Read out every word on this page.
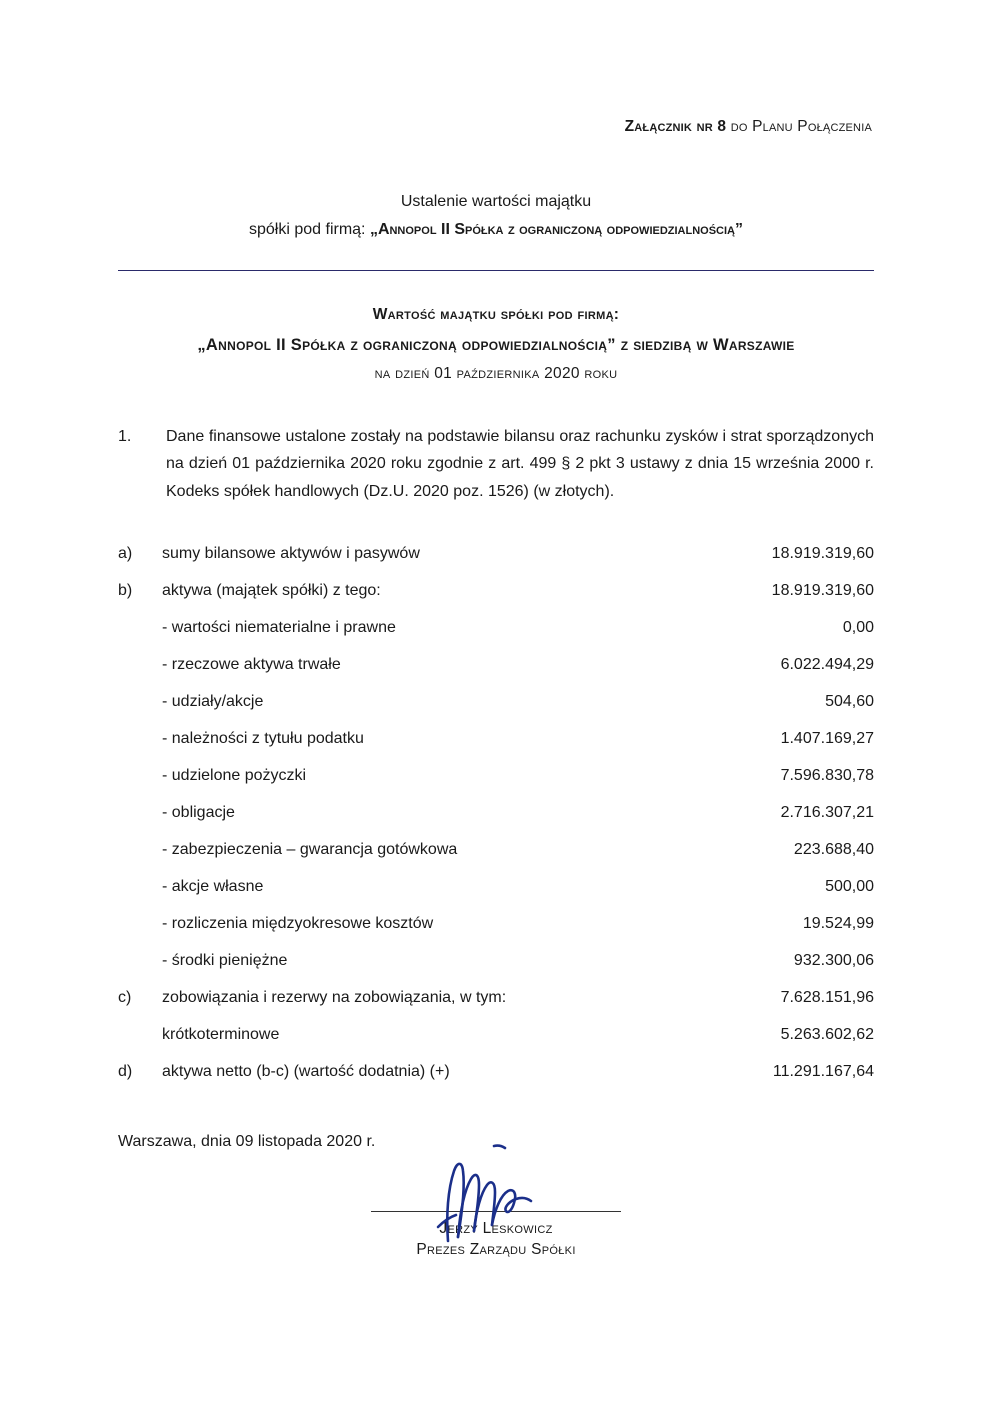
Załącznik nr 8 do Planu Połączenia
Ustalenie wartości majątku
spółki pod firmą: „Annopol II Spółka z ograniczoną odpowiedzialnością”
Wartość majątku spółki pod firmą:
„Annopol II Spółka z ograniczoną odpowiedzialnością” z siedzibą w Warszawie
na dzień 01 października 2020 roku
1.	Dane finansowe ustalone zostały na podstawie bilansu oraz rachunku zysków i strat sporządzonych na dzień 01 października 2020 roku zgodnie z art. 499 § 2 pkt 3 ustawy z dnia 15 września 2000 r. Kodeks spółek handlowych (Dz.U. 2020 poz. 1526) (w złotych).
a)	sumy bilansowe aktywów i pasywów	18.919.319,60
b)	aktywa (majątek spółki) z tego:	18.919.319,60
- wartości niematerialne i prawne	0,00
- rzeczowe aktywa trwałe	6.022.494,29
- udziały/akcje	504,60
- należności z tytułu podatku	1.407.169,27
- udzielone pożyczki	7.596.830,78
- obligacje	2.716.307,21
- zabezpieczenia – gwarancja gotówkowa	223.688,40
- akcje własne	500,00
- rozliczenia międzyokresowe kosztów	19.524,99
- środki pieniężne	932.300,06
c)	zobowiązania i rezerwy na zobowiązania, w tym:	7.628.151,96
krótkoterminowe	5.263.602,62
d)	aktywa netto (b-c) (wartość dodatnia) (+)	11.291.167,64
Warszawa, dnia 09 listopada 2020 r.
Jerzy Leskowicz
Prezes Zarządu Spółki
